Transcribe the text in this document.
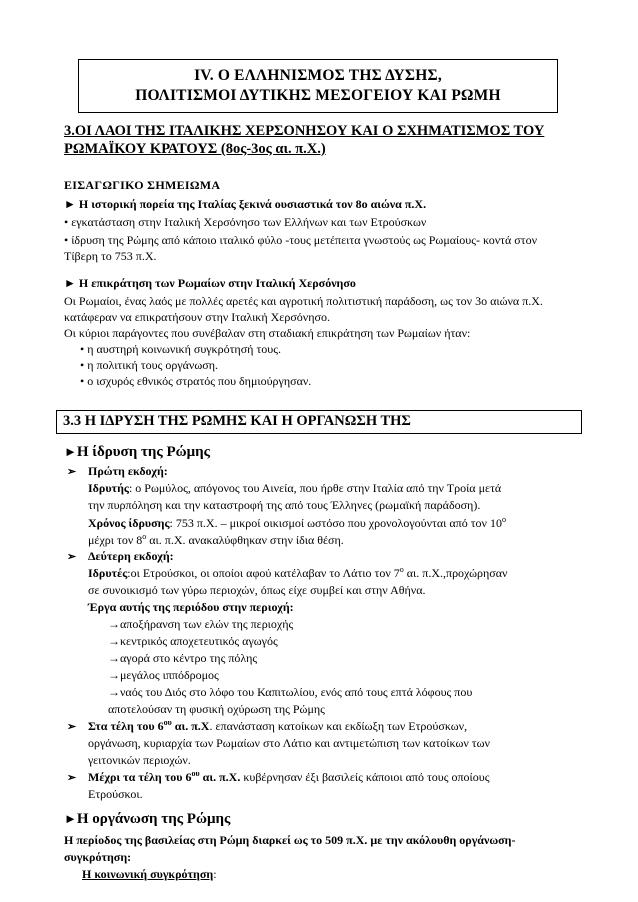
IV. Ο ΕΛΛΗΝΙΣΜΟΣ ΤΗΣ ΔΥΣΗΣ,
ΠΟΛΙΤΙΣΜΟΙ ΔΥΤΙΚΗΣ ΜΕΣΟΓΕΙΟΥ ΚΑΙ ΡΩΜΗ
3.ΟΙ ΛΑΟΙ ΤΗΣ ΙΤΑΛΙΚΗΣ ΧΕΡΣΟΝΗΣΟΥ ΚΑΙ Ο ΣΧΗΜΑΤΙΣΜΟΣ ΤΟΥ
ΡΩΜΑΪΚΟΥ ΚΡΑΤΟΥΣ (8ος-3ος αι. π.Χ.)
ΕΙΣΑΓΩΓΙΚΟ ΣΗΜΕΙΩΜΑ
► Η ιστορική πορεία της Ιταλίας ξεκινά ουσιαστικά τον 8ο αιώνα π.Χ.
• εγκατάσταση στην Ιταλική Χερσόνησο των Ελλήνων και των Ετρούσκων
• ίδρυση της Ρώμης από κάποιο ιταλικό φύλο -τους μετέπειτα γνωστούς ως Ρωμαίους- κοντά στον
Τίβερη το 753 π.Χ.
► Η επικράτηση των Ρωμαίων στην Ιταλική Χερσόνησο
Οι Ρωμαίοι, ένας λαός με πολλές αρετές και αγροτική πολιτιστική παράδοση, ως τον 3ο αιώνα π.Χ.
κατάφεραν να επικρατήσουν στην Ιταλική Χερσόνησο.
Οι κύριοι παράγοντες που συνέβαλαν στη σταδιακή επικράτηση των Ρωμαίων ήταν:
• η αυστηρή κοινωνική συγκρότησή τους.
• η πολιτική τους οργάνωση.
• ο ισχυρός εθνικός στρατός που δημιούργησαν.
3.3 Η ΙΔΡΥΣΗ ΤΗΣ ΡΩΜΗΣ ΚΑΙ Η ΟΡΓΑΝΩΣΗ ΤΗΣ
►Η ίδρυση της Ρώμης
➢ Πρώτη εκδοχή:
Ιδρυτής: ο Ρωμύλος, απόγονος του Αινεία, που ήρθε στην Ιταλία από την Τροία μετά
την πυρπόληση και την καταστροφή της από τους Έλληνες (ρωμαϊκή παράδοση).
Χρόνος ίδρυσης: 753 π.Χ. – μικροί οικισμοί ωστόσο που χρονολογούνται από τον $10^o$
μέχρι τον $8^o$ αι. π.Χ. ανακαλύφθηκαν στην ίδια θέση.
➢ Δεύτερη εκδοχή:
Ιδρυτές:οι Ετρούσκοι, οι οποίοι αφού κατέλαβαν το Λάτιο τον $7^o$ αι. π.Χ.,προχώρησαν
σε συνοικισμό των γύρω περιοχών, όπως είχε συμβεί και στην Αθήνα.
Έργα αυτής της περιόδου στην περιοχή:
→αποξήρανση των ελών της περιοχής
→κεντρικός αποχετευτικός αγωγός
→αγορά στο κέντρο της πόλης
→μεγάλος ιππόδρομος
→ναός του Διός στο λόφο του Καπιτωλίου, ενός από τους επτά λόφους που
αποτελούσαν τη φυσική οχύρωση της Ρώμης
➢ Στα τέλη του $6^{o\upsilon}$ αι. π.Χ. επανάσταση κατοίκων και εκδίωξη των Ετρούσκων,
οργάνωση, κυριαρχία των Ρωμαίων στο Λάτιο και αντιμετώπιση των κατοίκων των
γειτονικών περιοχών.
➢ Μέχρι τα τέλη του $6^{o\upsilon}$ αι. π.Χ. κυβέρνησαν έξι βασιλείς κάποιοι από τους οποίους
Ετρούσκοι.
►Η οργάνωση της Ρώμης
Η περίοδος της βασιλείας στη Ρώμη διαρκεί ως το 509 π.Χ. με την ακόλουθη οργάνωση-
συγκρότηση:
Η κοινωνική συγκρότηση:
